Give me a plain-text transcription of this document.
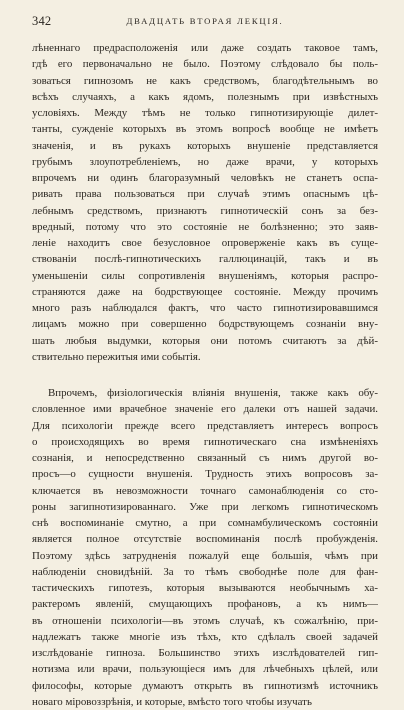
342	ДВАДЦАТЬ ВТОРАЯ ЛЕКЦІЯ.
лѣненнаго предрасположенія или даже создать таковое тамъ,
гдѣ его первоначально не было. Поэтому слѣдовало бы поль-
зоваться гипнозомъ не какъ средствомъ, благодѣтельнымъ во
всѣхъ случаяхъ, а какъ ядомъ, полезнымъ при извѣстныхъ
условіяхъ. Между тѣмъ не только гипнотизирующіе дилет-
танты, сужденіе которыхъ въ этомъ вопросѣ вообще не имѣетъ
значенія, и въ рукахъ которыхъ внушеніе представляется
грубымъ злоупотребленіемъ, но даже врачи, у которыхъ
впрочемъ ни одинъ благоразумный человѣкъ не станетъ оспа-
ривать права пользоваться при случаѣ этимъ опаснымъ цѣ-
лебнымъ средствомъ, признаютъ гипнотическій сонъ за без-
вредный, потому что это состояніе не болѣзненно; это заяв-
леніе находитъ свое безусловное опроверженіе какъ въ суще-
ствованіи послѣ-гипнотическихъ галлюцинацій, такъ и въ
уменьшеніи силы сопротивленія внушеніямъ, которыя распро-
страняются даже на бодрствующее состояніе. Между прочимъ
много разъ наблюдался фактъ, что часто гипнотизировавшимся
лицамъ можно при совершенно бодрствующемъ сознаніи вну-
шать любыя выдумки, которыя они потомъ считаютъ за дѣй-
ствительно пережитыя ими событія.
Впрочемъ, физіологическія вліянія внушенія, также какъ обу-
словленное ими врачебное значеніе его далеки отъ нашей задачи.
Для психологіи прежде всего представляетъ интересъ вопросъ
о происходящихъ во время гипнотическаго сна измѣненіяхъ
сознанія, и непосредственно связанный съ нимъ другой во-
просъ—о сущности внушенія. Трудность этихъ вопросовъ за-
ключается въ невозможности точнаго самонаблюденія со сто-
роны загипнотизированнаго. Уже при легкомъ гипнотическомъ
снѣ воспоминаніе смутно, а при сомнамбулическомъ состояніи
является полное отсутствіе воспоминанія послѣ пробужденія.
Поэтому здѣсь затрудненія пожалуй еще большія, чѣмъ при
наблюденіи сновидѣній. За то тѣмъ свободнѣе поле для фан-
тастическихъ гипотезъ, которыя вызываются необычнымъ ха-
рактеромъ явленій, смущающихъ профановъ, а къ нимъ—
въ отношеніи психологіи—въ этомъ случаѣ, къ сожалѣнію, при-
надлежатъ также многіе изъ тѣхъ, кто сдѣлалъ своей задачей
изслѣдованіе гипноза. Большинство этихъ изслѣдователей гип-
нотизма или врачи, пользующіеся имъ для лѣчебныхъ цѣлей, или
философы, которые думаютъ открыть въ гипнотизмѣ источникъ
новаго міровоззрѣнія, и которые, вмѣсто того чтобы изучать
